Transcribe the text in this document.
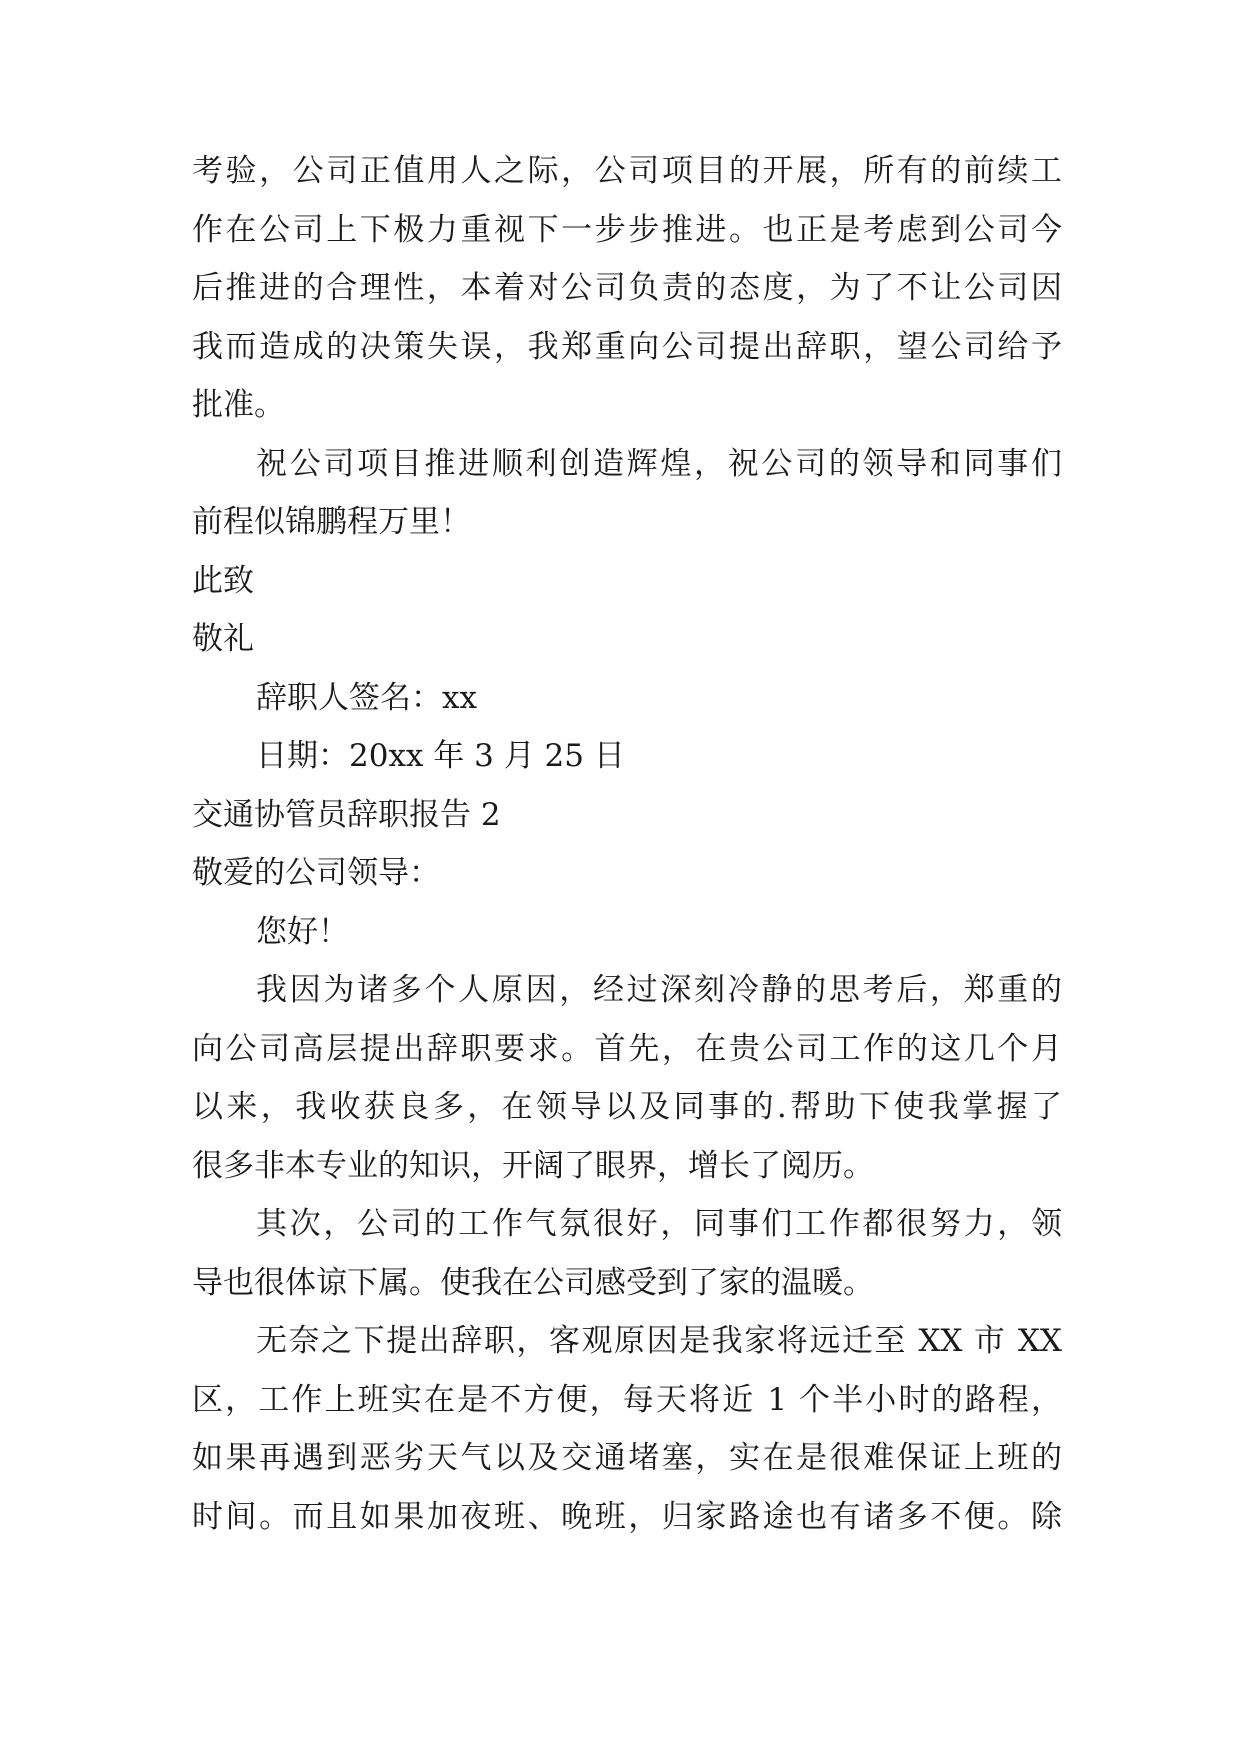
考验，公司正值用人之际，公司项目的开展，所有的前续工
作在公司上下极力重视下一步步推进。也正是考虑到公司今
后推进的合理性，本着对公司负责的态度，为了不让公司因
我而造成的决策失误，我郑重向公司提出辞职，望公司给予
批准。
祝公司项目推进顺利创造辉煌，祝公司的领导和同事们
前程似锦鹏程万里！
此致
敬礼
辞职人签名：xx
日期：20xx 年 3 月 25 日
交通协管员辞职报告 2
敬爱的公司领导：
您好！
我因为诸多个人原因，经过深刻冷静的思考后，郑重的
向公司高层提出辞职要求。首先，在贵公司工作的这几个月
以来，我收获良多，在领导以及同事的.帮助下使我掌握了
很多非本专业的知识，开阔了眼界，增长了阅历。
其次，公司的工作气氛很好，同事们工作都很努力，领
导也很体谅下属。使我在公司感受到了家的温暖。
无奈之下提出辞职，客观原因是我家将远迁至 XX 市 XX
区，工作上班实在是不方便，每天将近 1 个半小时的路程，
如果再遇到恶劣天气以及交通堵塞，实在是很难保证上班的
时间。而且如果加夜班、晚班，归家路途也有诸多不便。除
